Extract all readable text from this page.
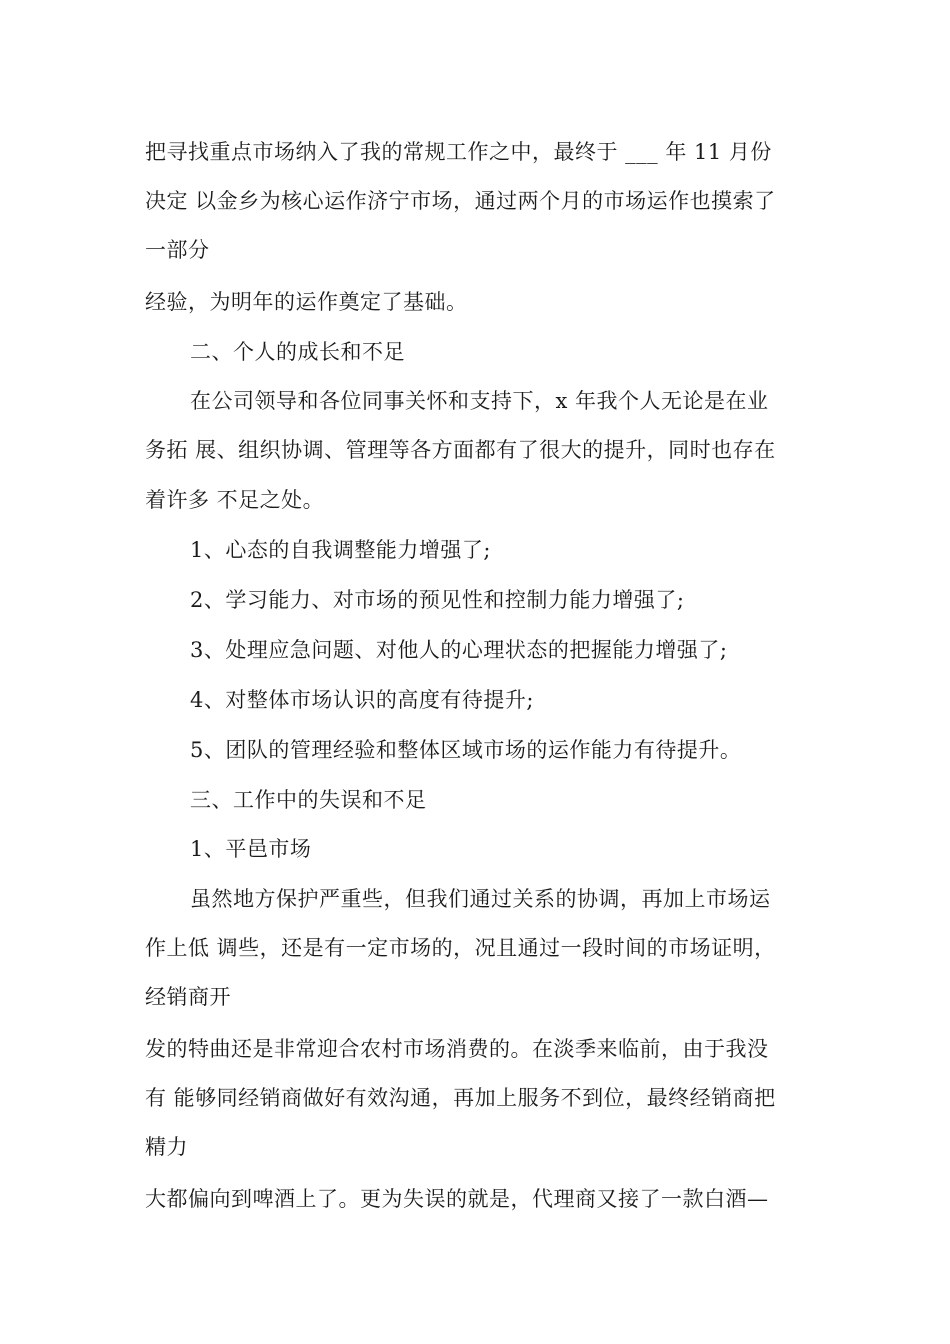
把寻找重点市场纳入了我的常规工作之中，最终于 ___ 年 11 月份

决定 以金乡为核心运作济宁市场，通过两个月的市场运作也摸索了

一部分

经验，为明年的运作奠定了基础。

二、个人的成长和不足

在公司领导和各位同事关怀和支持下，x 年我个人无论是在业

务拓 展、组织协调、管理等各方面都有了很大的提升，同时也存在

着许多 不足之处。

1、心态的自我调整能力增强了;

2、学习能力、对市场的预见性和控制力能力增强了;

3、处理应急问题、对他人的心理状态的把握能力增强了;

4、对整体市场认识的高度有待提升;

5、团队的管理经验和整体区域市场的运作能力有待提升。

三、工作中的失误和不足

1、平邑市场

虽然地方保护严重些，但我们通过关系的协调，再加上市场运

作上低 调些，还是有一定市场的，况且通过一段时间的市场证明，

经销商开

发的特曲还是非常迎合农村市场消费的。在淡季来临前，由于我没

有 能够同经销商做好有效沟通，再加上服务不到位，最终经销商把

精力

大都偏向到啤酒上了。更为失误的就是，代理商又接了一款白酒—
